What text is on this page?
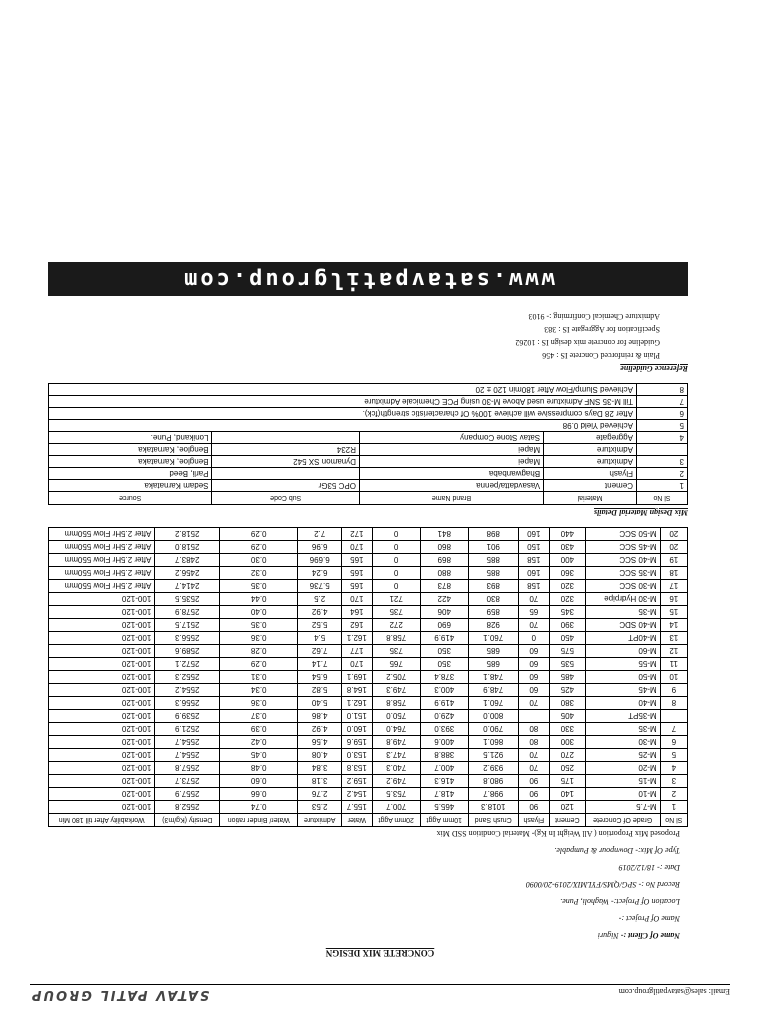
Email: sales@satavpatilgroup.com
SATAV PATIL GROUP
CONCRETE MIX DESIGN
Name Of Client :- Niguri
Name Of Project :-
Location Of Project:- Wagholi, Pune.
Record No :- SPG/QMS/FYLMIX/2019-20/0090
Date :- 18/12/2019
Type Of Mix:- Downpour & Pumpable.
Proposed Mix Proportion ( All Weight In Kg)- Material Condition SSD Mix
Sl No	Grade Of Concrete	Cement	Flyash	Crush Sand	10mm Aggt	20mm Aggt	Water	Admixture	Water/ Binder ration	Density (Kg/m3)	Workability After till 180 Min
1	M-7.5	120	90	1018.3	465.5	700.7	155.7	2.53	0.74	2552.8	100-120
2	M-10	140	90	998.7	418.7	753.5	154.2	2.76	0.66	2557.9	100-120
3	M-15	175	90	980.8	416.3	749.2	159.2	3.18	0.60	2573.7	100-120
4	M-20	250	70	939.2	400.7	740.3	153.8	3.84	0.48	2557.8	100-120
5	M-25	270	70	921.5	388.8	747.3	153.0	4.08	0.45	2554.7	100-120
6	M-30	300	80	860.1	400.6	749.8	159.6	4.56	0.42	2554.7	100-120
7	M-35	330	80	790.0	393.0	764.0	160.0	4.92	0.39	2521.9	100-120
	M-35PT	405		800.0	429.0	750.0	151.0	4.86	0.37	2539.9	100-120
8	M-40	380	70	760.1	419.9	758.8	162.1	5.40	0.36	2556.3	100-120
9	M-45	425	60	748.9	400.3	749.3	164.8	5.82	0.34	2554.2	100-120
10	M-50	485	60	748.1	378.4	705.2	169.1	6.54	0.31	2552.3	100-120
11	M-55	535	60	685	350	765	170	7.14	0.29	2572.1	100-120
12	M-60	575	60	685	350	735	177	7.62	0.28	2589.6	100-120
13	M-40PT	450	0	760.1	419.9	758.8	162.1	5.4	0.36	2556.3	100-120
14	M-40 SDC	390	70	928	690	272	162	5.52	0.35	2517.5	100-120
15	M-35	345	65	859	406	735	164	4.92	0.40	2578.9	100-120
16	M-30 Hydrpipe	320	70	830	422	721	170	2.5	0.44	2535.5	100-120
17	M-30 SCC	320	158	893	873	0	165	5.736	0.35	2414.7	After 2.5Hr Flow 550mm
18	M-35 SCC	360	160	885	880	0	165	6.24	0.32	2456.2	After 2.5Hr Flow 550mm
19	M-40 SCC	400	158	885	869	0	165	6.696	0.30	2483.7	After 2.5Hr Flow 550mm
20	M-45 SCC	430	150	901	860	0	170	6.96	0.29	2518.0	After 2.5Hr Flow 550mm
20	M-50 SCC	440	160	898	841	0	172	7.2	0.29	2518.2	After 2.5Hr Flow 550mm
Mix Design Material Details
Sl No	Material	Brand Name	Sub Code	Source
1	Cement	Vasavdatta/penna	OPC 53Gr	Sedam Karnataka
2	Flyash	Bhagwanbaba		Parli, Beed
3	Admixture	Mapei	Dynamon SX 542	Bengloe, Karnataka
	Admixture	Mapei	R234	Bengloe, Karnataka
4	Aggregate	Satav Stone Company		Lonikand, Pune.
5	Achieved Yield 0.98			
6	After 28 Days compressive will achieve 100% Of characteristic strength(fck).			
7	Till M-35 SNF Admixture used Above M-30 using PCE Chemicale Admixture			
8	Achieved Slump/Flow After 180min 120 ± 20			
Reference Guideline
Plain & reinforced Concrete IS : 456
Guideline for concrete mix design IS : 10262
Specification for Aggregate IS : 383
Admixture Chemical Confirming :- 9103
www.satavpatilgroup.com
